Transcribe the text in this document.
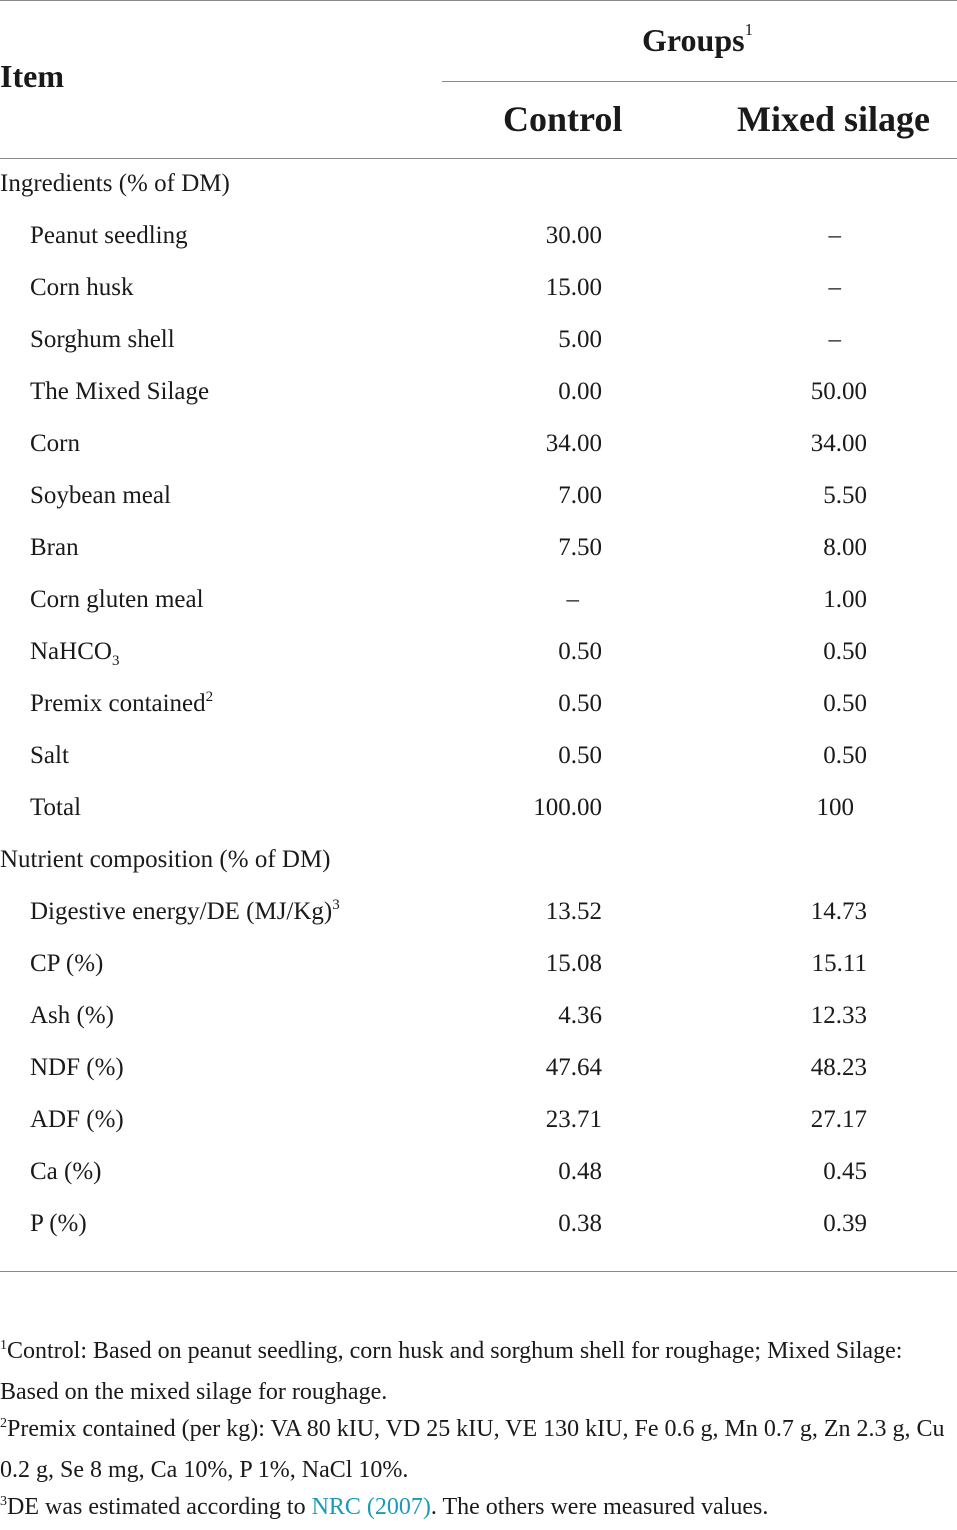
Item
Groups$^1$
Control	Mixed silage
Ingredients (% of DM)
Peanut seedling	30.00	–
Corn husk	15.00	–
Sorghum shell	5.00	–
The Mixed Silage	0.00	50.00
Corn	34.00	34.00
Soybean meal	7.00	5.50
Bran	7.50	8.00
Corn gluten meal	–	1.00
NaHCO$_3$	0.50	0.50
Premix contained$^2$	0.50	0.50
Salt	0.50	0.50
Total	100.00	100
Nutrient composition (% of DM)
Digestive energy/DE $(MJ/Kg)^3$	13.52	14.73
CP (%)	15.08	15.11
Ash (%)	4.36	12.33
NDF (%)	47.64	48.23
ADF (%)	23.71	27.17
Ca (%)	0.48	0.45
P (%)	0.38	0.39
$^1$Control: Based on peanut seedling, corn husk and sorghum shell for roughage; Mixed Silage: Based on the mixed silage for roughage.
$^2$Premix contained (per kg): VA 80 kIU, VD 25 kIU, VE 130 kIU, Fe 0.6 g, Mn 0.7 g, Zn 2.3 g, Cu 0.2 g, Se 8 mg, Ca 10%, P 1%, NaCl 10%.
$^3$DE was estimated according to NRC (2007). The others were measured values.
